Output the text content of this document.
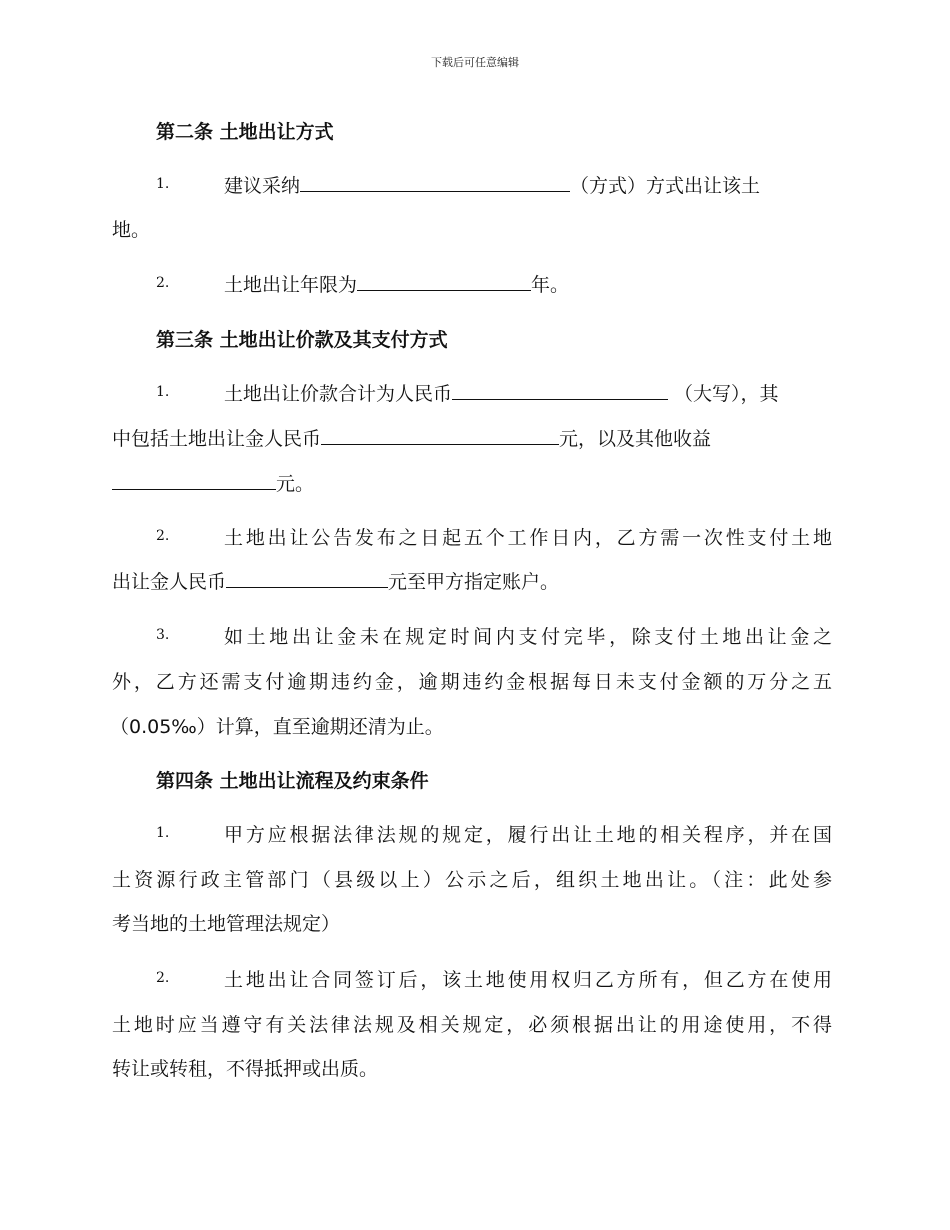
下载后可任意编辑
第二条 土地出让方式
1.	建议采纳	（方式）方式出让该土
地。
2.	土地出让年限为	年。
第三条 土地出让价款及其支付方式
1.	土地出让价款合计为人民币	（大写），其
中包括土地出让金人民币	元，以及其他收益
元。
2.	土地出让公告发布之日起五个工作日内，乙方需一次性支付土地
出让金人民币	元至甲方指定账户。
3.	如土地出让金未在规定时间内支付完毕，除支付土地出让金之
外，乙方还需支付逾期违约金，逾期违约金根据每日未支付金额的万分之五
（0.05‰）计算，直至逾期还清为止。
第四条 土地出让流程及约束条件
1.	甲方应根据法律法规的规定，履行出让土地的相关程序，并在国
土资源行政主管部门（县级以上）公示之后，组织土地出让。（注：此处参
考当地的土地管理法规定）
2.	土地出让合同签订后，该土地使用权归乙方所有，但乙方在使用
土地时应当遵守有关法律法规及相关规定，必须根据出让的用途使用，不得
转让或转租，不得抵押或出质。
